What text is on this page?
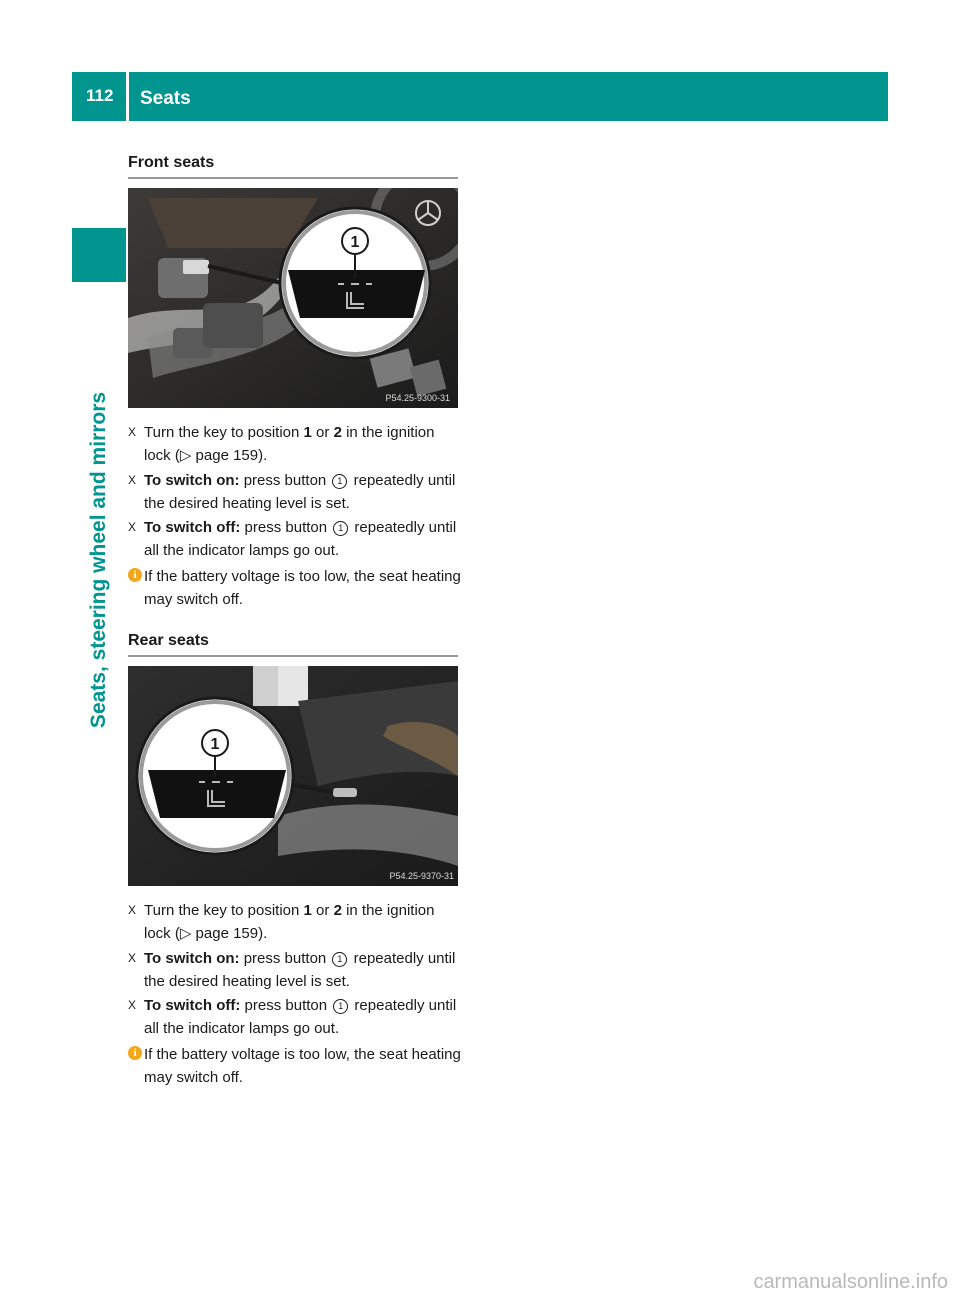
112	Seats
Seats, steering wheel and mirrors
Front seats
1
P54.25-9300-31
X Turn the key to position 1 or 2 in the ignition lock (▷ page 159).
X To switch on: press button 1 repeatedly until the desired heating level is set.
X To switch off: press button 1 repeatedly until all the indicator lamps go out.
i If the battery voltage is too low, the seat heating may switch off.
Rear seats
1
P54.25-9370-31
X Turn the key to position 1 or 2 in the ignition lock (▷ page 159).
X To switch on: press button 1 repeatedly until the desired heating level is set.
X To switch off: press button 1 repeatedly until all the indicator lamps go out.
i If the battery voltage is too low, the seat heating may switch off.
carmanualsonline.info
